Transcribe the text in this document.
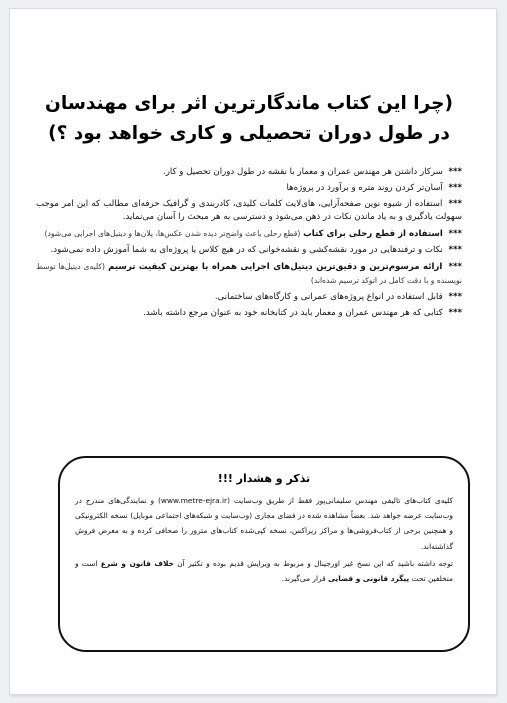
(چرا این کتاب ماندگارترین اثر برای مهندسان در طول دوران تحصیلی و کاری خواهد بود ؟)
*** سرکار داشتن هر مهندس عمران و معمار با نقشه در طول دوران تحصیل و کار.
*** آسان‌تر کردن روند متره و برآورد در پروژه‌ها
*** استفاده از شیوه نوین صفحه‌آرایی، های‌لایت کلمات کلیدی، کادربندی و گرافیک حرفه‌ای مطالب که این امر موجب سهولت یادگیری و به یاد ماندن نکات در ذهن می‌شود و دسترسی به هر مبحث را آسان می‌نماید.
*** استفاده از قطع رحلی برای کتاب (قطع رحلی باعث واضح‌تر دیده شدن عکس‌ها، پلان‌ها و دیتیل‌های اجرایی می‌شود)
*** نکات و ترفندهایی در مورد نقشه‌کشی و نقشه‌خوانی که در هیچ کلاس یا پروژه‌ای به شما آموزش داده نمی‌شود.
*** ارائه مرسوم‌ترین و دقیق‌ترین دیتیل‌های اجرایی همراه با بهترین کیفیت ترسیم (کلیه‌ی دیتیل‌ها توسط نویسنده و با دقت کامل در اتوکد ترسیم شده‌اند)
*** قابل استفاده در انواع پروژه‌های عمرانی و کارگاه‌های ساختمانی.
*** کتابی که هر مهندس عمران و معمار باید در کتابخانه خود به عنوان مرجع داشته باشد.
تذکر و هشدار !!!

کلیه‌ی کتاب‌های تالیفی مهندس سلیمانی‌پور فقط از طریق وب‌سایت (www.metre-ejra.ir) و نمایندگی‌های مندرج در وب‌سایت عرضه خواهد شد. بعضاً مشاهده شده در فضای مجازی (وب‌سایت و شبکه‌های اجتماعی موبایل) نسخه الکترونیکی و همچنین برخی از کتاب‌فروشی‌ها و مراکز زیراکس، نسخه کپی‌شده کتاب‌های مترور را صحافی کرده و به معرض فروش گذاشته‌اند.

توجه داشته باشید که این نسخ غیر اورجینال و مربوط به ویرایش قدیم بوده و تکثیر آن خلاف قانون و شرع است و متخلفین تحت پیگرد قانونی و قضایی قرار می‌گیرند.
